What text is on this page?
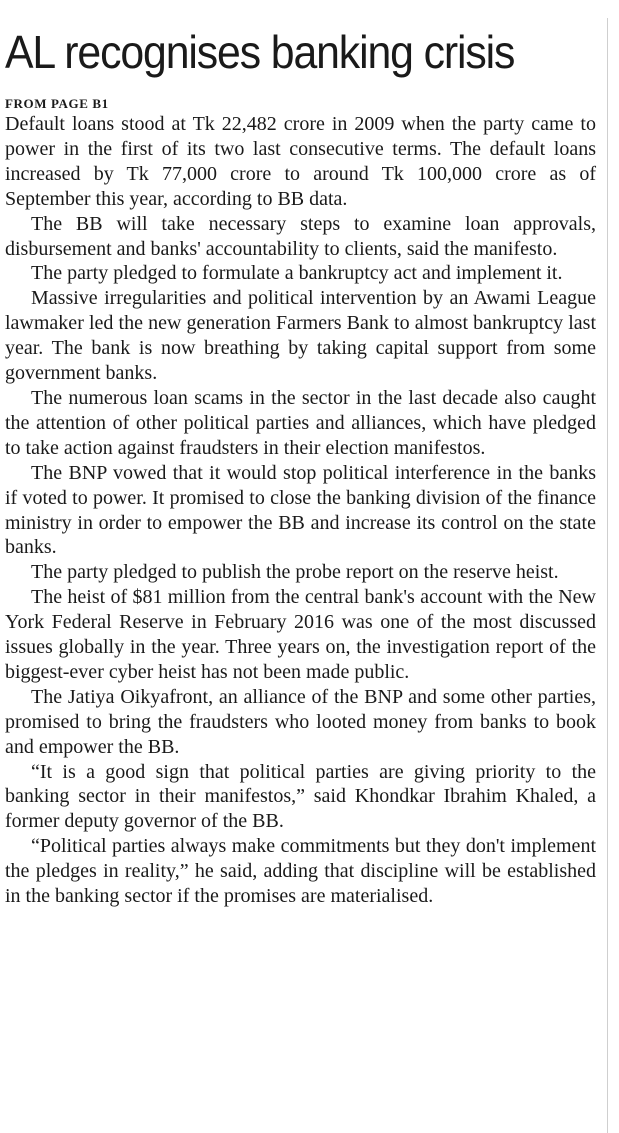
AL recognises banking crisis
FROM PAGE B1

Default loans stood at Tk 22,482 crore in 2009 when the party came to power in the first of its two last consecutive terms. The default loans increased by Tk 77,000 crore to around Tk 100,000 crore as of September this year, according to BB data.

The BB will take necessary steps to examine loan approvals, disbursement and banks' accountability to clients, said the manifesto.

The party pledged to formulate a bankruptcy act and implement it.

Massive irregularities and political intervention by an Awami League lawmaker led the new generation Farmers Bank to almost bankruptcy last year. The bank is now breathing by taking capital support from some government banks.

The numerous loan scams in the sector in the last decade also caught the attention of other political parties and alliances, which have pledged to take action against fraudsters in their election manifestos.

The BNP vowed that it would stop political interference in the banks if voted to power. It promised to close the banking division of the finance ministry in order to empower the BB and increase its control on the state banks.

The party pledged to publish the probe report on the reserve heist.

The heist of $81 million from the central bank's account with the New York Federal Reserve in February 2016 was one of the most discussed issues globally in the year. Three years on, the investigation report of the biggest-ever cyber heist has not been made public.

The Jatiya Oikyafront, an alliance of the BNP and some other parties, promised to bring the fraudsters who looted money from banks to book and empower the BB.

“It is a good sign that political parties are giving priority to the banking sector in their manifestos,” said Khondkar Ibrahim Khaled, a former deputy governor of the BB.

“Political parties always make commitments but they don't implement the pledges in reality,” he said, adding that discipline will be established in the banking sector if the promises are materialised.
